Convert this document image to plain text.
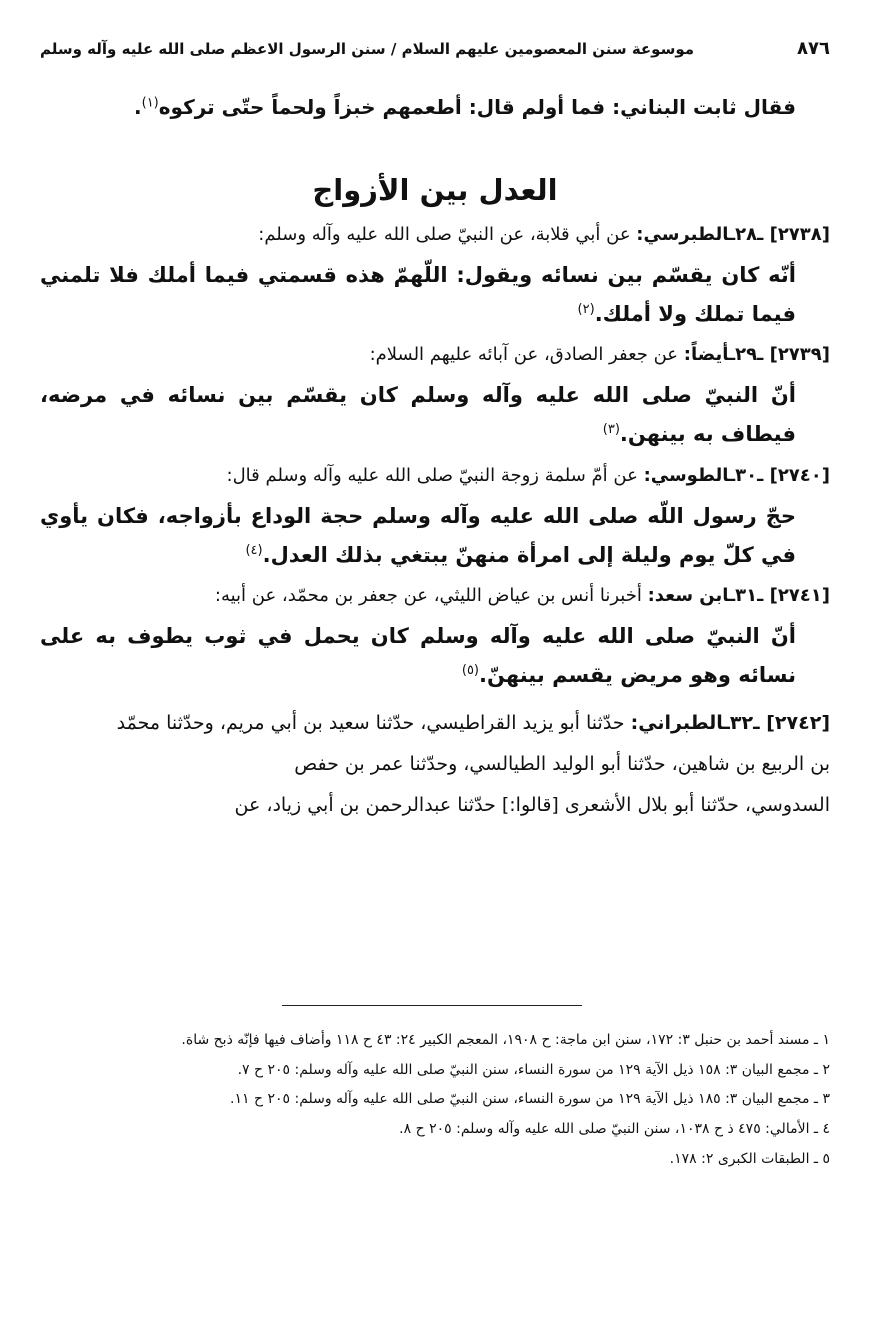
٨٧٦
موسوعة سنن المعصومين عليهم السلام / سنن الرسول الاعظم صلى الله عليه وآله وسلم

فقال ثابت البناني: فما أولم قال: أطعمهم خبزاً ولحماً حتّى تركوه$^{(١)}$.

العدل بين الأزواج

[٢٧٣٨] ـ٢٨ـالطبرسي: عن أبي قلابة، عن النبيّ صلى الله عليه وآله وسلم:

أنّه كان يقسّم بين نسائه ويقول: اللّهمّ هذه قسمتي فيما أملك فلا تلمني فيما تملك ولا أملك.$^{(٢)}$

[٢٧٣٩] ـ٢٩ـأيضاً: عن جعفر الصادق، عن آبائه عليهم السلام:

أنّ النبيّ صلى الله عليه وآله وسلم كان يقسّم بين نسائه في مرضه، فيطاف به بينهن.$^{(٣)}$

[٢٧٤٠] ـ٣٠ـالطوسي: عن أمّ سلمة زوجة النبيّ صلى الله عليه وآله وسلم قال:

حجّ رسول اللّه صلى الله عليه وآله وسلم حجة الوداع بأزواجه، فكان يأوي في كلّ يوم وليلة إلى امرأة منهنّ يبتغي بذلك العدل.$^{(٤)}$

[٢٧٤١] ـ٣١ـابن سعد: أخبرنا أنس بن عياض الليثي، عن جعفر بن محمّد، عن أبيه:

أنّ النبيّ صلى الله عليه وآله وسلم كان يحمل في ثوب يطوف به على نسائه وهو مريض يقسم بينهنّ.$^{(٥)}$

[٢٧٤٢] ـ٣٢ـالطبراني: حدّثنا أبو يزيد القراطيسي، حدّثنا سعيد بن أبي مريم، وحدّثنا محمّد

بن الربيع بن شاهين، حدّثنا أبو الوليد الطيالسي، وحدّثنا عمر بن حفص

السدوسي، حدّثنا أبو بلال الأشعرى [قالوا:] حدّثنا عبدالرحمن بن أبي زياد، عن

١ ـ مسند أحمد بن حنبل ٣: ١٧٢، سنن ابن ماجة: ح ١٩٠٨، المعجم الكبير ٢٤: ٤٣ ح ١١٨ وأضاف فيها فإنّه ذبح شاة.

٢ ـ مجمع البيان ٣: ١٥٨ ذيل الآية ١٢٩ من سورة النساء، سنن النبيّ صلى الله عليه وآله وسلم: ٢٠٥ ح ٧.

٣ ـ مجمع البيان ٣: ١٨٥ ذيل الآية ١٢٩ من سورة النساء، سنن النبيّ صلى الله عليه وآله وسلم: ٢٠٥ ح ١١.

٤ ـ الأمالي: ٤٧٥ ذ ح ١٠٣٨، سنن النبيّ صلى الله عليه وآله وسلم: ٢٠٥ ح ٨.

٥ ـ الطبقات الكبرى ٢: ١٧٨.
